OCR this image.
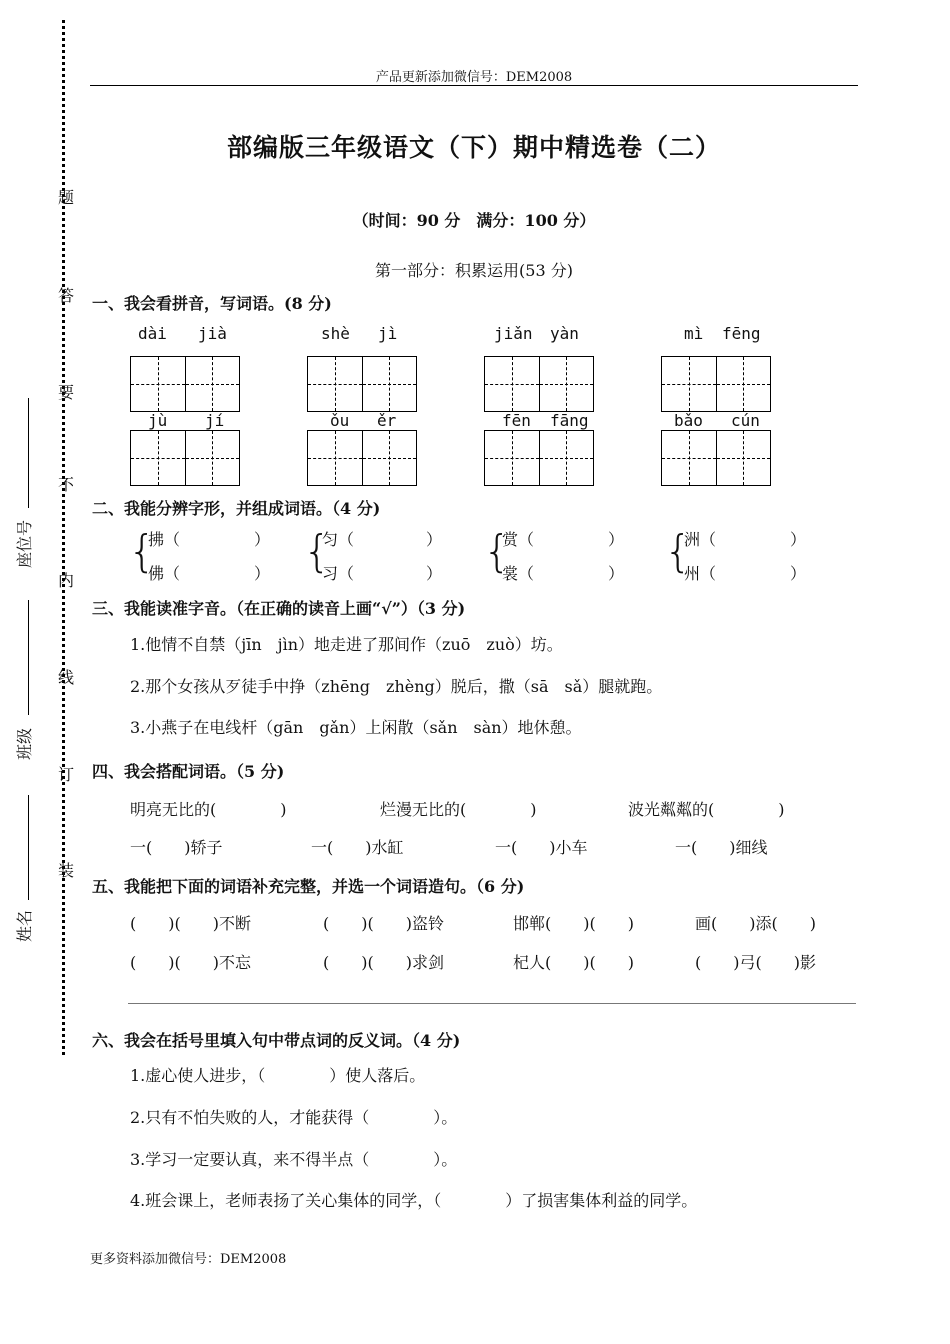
产品更新添加微信号：DEM2008
题
答
要
不
内
线
订
装
座位号
班级
姓名
部编版三年级语文（下）期中精选卷（二）
（时间：90 分　满分：100 分）
第一部分：积累运用(53 分)
一、我会看拼音，写词语。(8 分)
dài jià	shè jì	jiǎn yàn	mì fēng
jù jí	ǒu ěr	fēn fāng	bǎo cún
二、我能分辨字形，并组成词语。（4 分)
{
拂（	）
佛（	） {
匀（	）
习（	） {
赏（	）
裳（	） {
洲（	）
州（	）
三、我能读准字音。（在正确的读音上画“√”）（3 分)
1.他情不自禁（jīn　jìn）地走进了那间作（zuō　zuò）坊。
2.那个女孩从歹徒手中挣（zhēng　zhèng）脱后，撒（sā　sǎ）腿就跑。
3.小燕子在电线杆（gān　gǎn）上闲散（sǎn　sàn）地休憩。
四、我会搭配词语。（5 分)
明亮无比的(　　　　)	烂漫无比的(　　　　)	波光粼粼的(　　　　)
一(　　)轿子	一(　　)水缸	一(　　)小车	一(　　)细线
五、我能把下面的词语补充完整，并选一个词语造句。（6 分)
(　　)(　　)不断	(　　)(　　)盗铃	邯郸(　　)(　　)	画(　　)添(　　)
(　　)(　　)不忘	(　　)(　　)求剑	杞人(　　)(　　)	(　　)弓(　　)影
六、我会在括号里填入句中带点词的反义词。（4 分)
1.虚心使人进步，（　　　　）使人落后。
2.只有不怕失败的人，才能获得（　　　　）。
3.学习一定要认真，来不得半点（　　　　）。
4.班会课上，老师表扬了关心集体的同学，（　　　　）了损害集体利益的同学。
更多资料添加微信号：DEM2008
